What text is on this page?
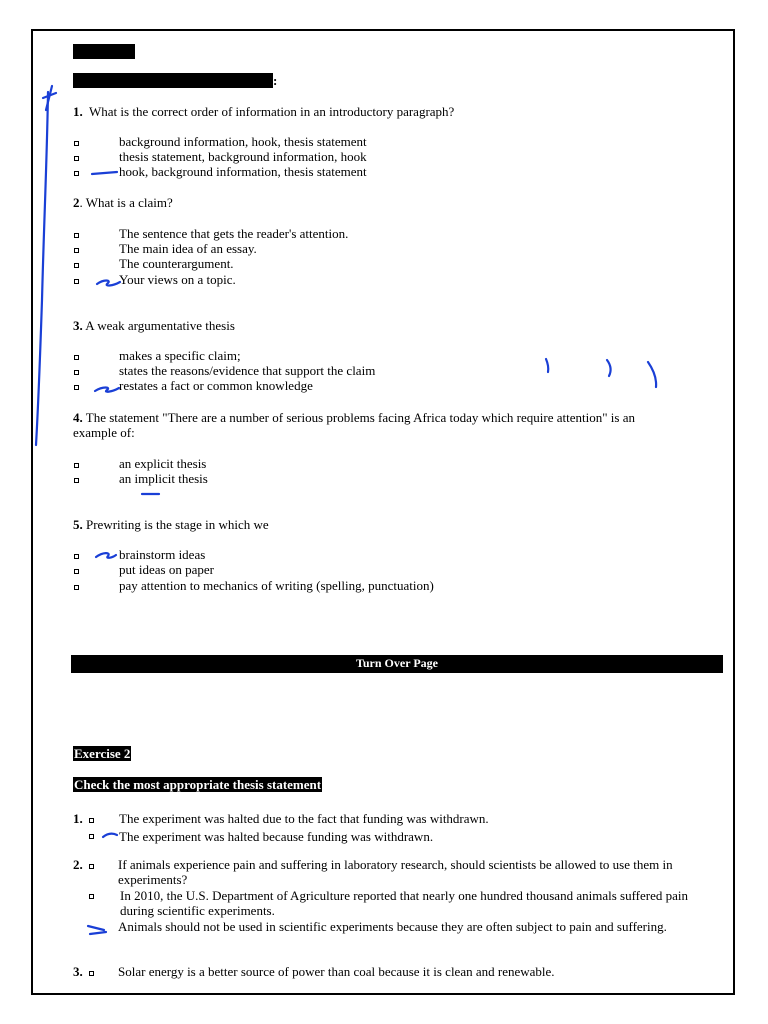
:
1. What is the correct order of information in an introductory paragraph?
background information, hook, thesis statement
thesis statement, background information, hook
hook, background information, thesis statement
2. What is a claim?
The sentence that gets the reader's attention.
The main idea of an essay.
The counterargument.
Your views on a topic.
3. A weak argumentative thesis
makes a specific claim;
states the reasons/evidence that support the claim
restates a fact or common knowledge
4. The statement "There are a number of serious problems facing Africa today which require attention" is an
example of:
an explicit thesis
an implicit thesis
5. Prewriting is the stage in which we
brainstorm ideas
put ideas on paper
pay attention to mechanics of writing (spelling, punctuation)
Turn Over Page
Exercise 2
Check the most appropriate thesis statement
1.	The experiment was halted due to the fact that funding was withdrawn.
The experiment was halted because funding was withdrawn.
2.	If animals experience pain and suffering in laboratory research, should scientists be allowed to use them in experiments?
In 2010, the U.S. Department of Agriculture reported that nearly one hundred thousand animals suffered pain during scientific experiments.
Animals should not be used in scientific experiments because they are often subject to pain and suffering.
3.	Solar energy is a better source of power than coal because it is clean and renewable.
